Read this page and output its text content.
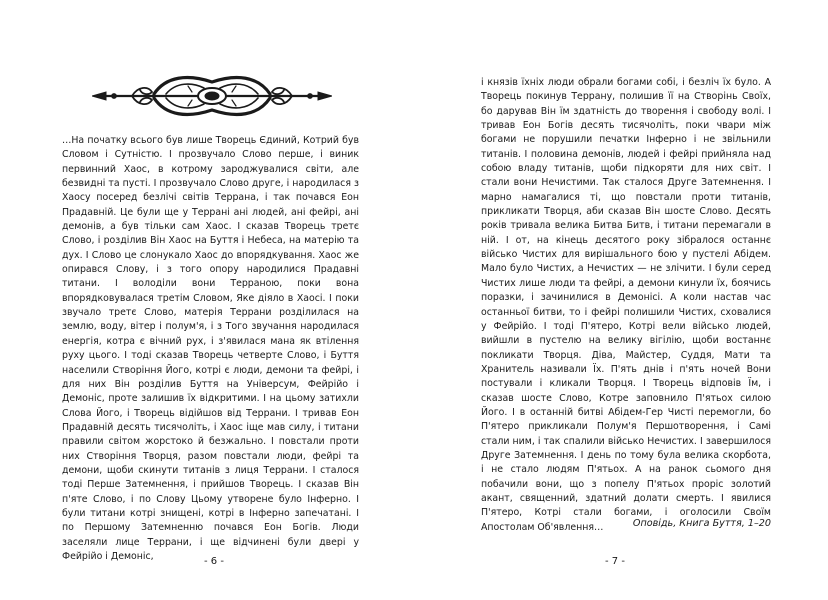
…На початку всього був лише Творець Єдиний, Котрий був Словом і Сутністю. І прозвучало Слово перше, і виник первинний Хаос, в котрому зароджувалися світи, але безвидні та пусті. І прозвучало Слово друге, і народилася з Хаосу посеред безлічі світів Террана, і так почався Еон Прадавній. Це були ще у Террані ані людей, ані фейрі, ані демонів, а був тільки сам Хаос. І сказав Творець третє Слово, і розділив Він Хаос на Буття і Небеса, на матерію та дух. І Слово це слонукало Хаос до впорядкування. Хаос же опирався Слову, і з того опору народилися Прадавні титани. І володіли вони Терраною, поки вона впорядковувалася третім Словом, Яке діяло в Хаосі. І поки звучало третє Слово, матерія Террани розділилася на землю, воду, вітер і полум'я, і з Того звучання народилася енергія, котра є вічний рух, і з'явилася мана як втілення руху цього. І тоді сказав Творець четверте Слово, і Буття населили Створіння Його, котрі є люди, демони та фейрі, і для них Він розділив Буття на Універсум, Фейрійо і Демоніс, проте залишив їх відкритими. І на цьому затихли Слова Його, і Творець відійшов від Террани. І тривав Еон Прадавній десять тисячоліть, і Хаос іще мав силу, і титани правили світом жорстоко й безжально. І повстали проти них Створіння Творця, разом повстали люди, фейрі та демони, щоби скинути титанів з лиця Террани. І сталося тоді Перше Затемнення, і прийшов Творець. І сказав Він п'яте Слово, і по Слову Цьому утворене було Інферно. І були титани котрі знищені, котрі в Інферно запечатані. І по Першому Затемненню почався Еон Богів. Люди заселяли лице Террани, і ще відчинені були двері у Фейрійо і Демоніс,	- 6 -
і князів їхніх люди обрали богами собі, і безліч їх було. А Творець покинув Террану, полишив її на Створінь Своїх, бо дарував Він їм здатність до творення і свободу волі. І тривав Еон Богів десять тисячоліть, поки чвари між богами не порушили печатки Інферно і не звільнили титанів. І половина демонів, людей і фейрі прийняла над собою владу титанів, щоби підкоряти для них світ. І стали вони Нечистими. Так сталося Друге Затемнення. І марно намагалися ті, що повстали проти титанів, прикликати Творця, аби сказав Він шосте Слово. Десять років тривала велика Битва Битв, і титани перемагали в ній. І от, на кінець десятого року зібралося останнє військо Чистих для вирішального бою у пустелі Абідем. Мало було Чистих, а Нечистих — не злічити. І були серед Чистих лише люди та фейрі, а демони кинули їх, боячись поразки, і зачинилися в Демонісі. А коли настав час останньої битви, то і фейрі полишили Чистих, сховалися у Фейрійо. І тоді П'ятеро, Котрі вели військо людей, вийшли в пустелю на велику вігілію, щоби востаннє покликати Творця. Діва, Майстер, Суддя, Мати та Хранитель називали Їх. П'ять днів і п'ять ночей Вони постували і кликали Творця. І Творець відповів Їм, і сказав шосте Слово, Котре заповнило П'ятьох силою Його. І в останній битві Абідем-Гер Чисті перемогли, бо П'ятеро прикликали Полум'я Першотворення, і Самі стали ним, і так спалили військо Нечистих. І завершилося Друге Затемнення. І день по тому була велика скорбота, і не стало людям П'ятьох. А на ранок сьомого дня побачили вони, що з попелу П'ятьох проріс золотий акант, священний, здатний долати смерть. І явилися П'ятеро, Котрі стали богами, і оголосили Своїм Апостолам Об'явлення…	Оповідь, Книга Буття, 1–20
- 7 -
